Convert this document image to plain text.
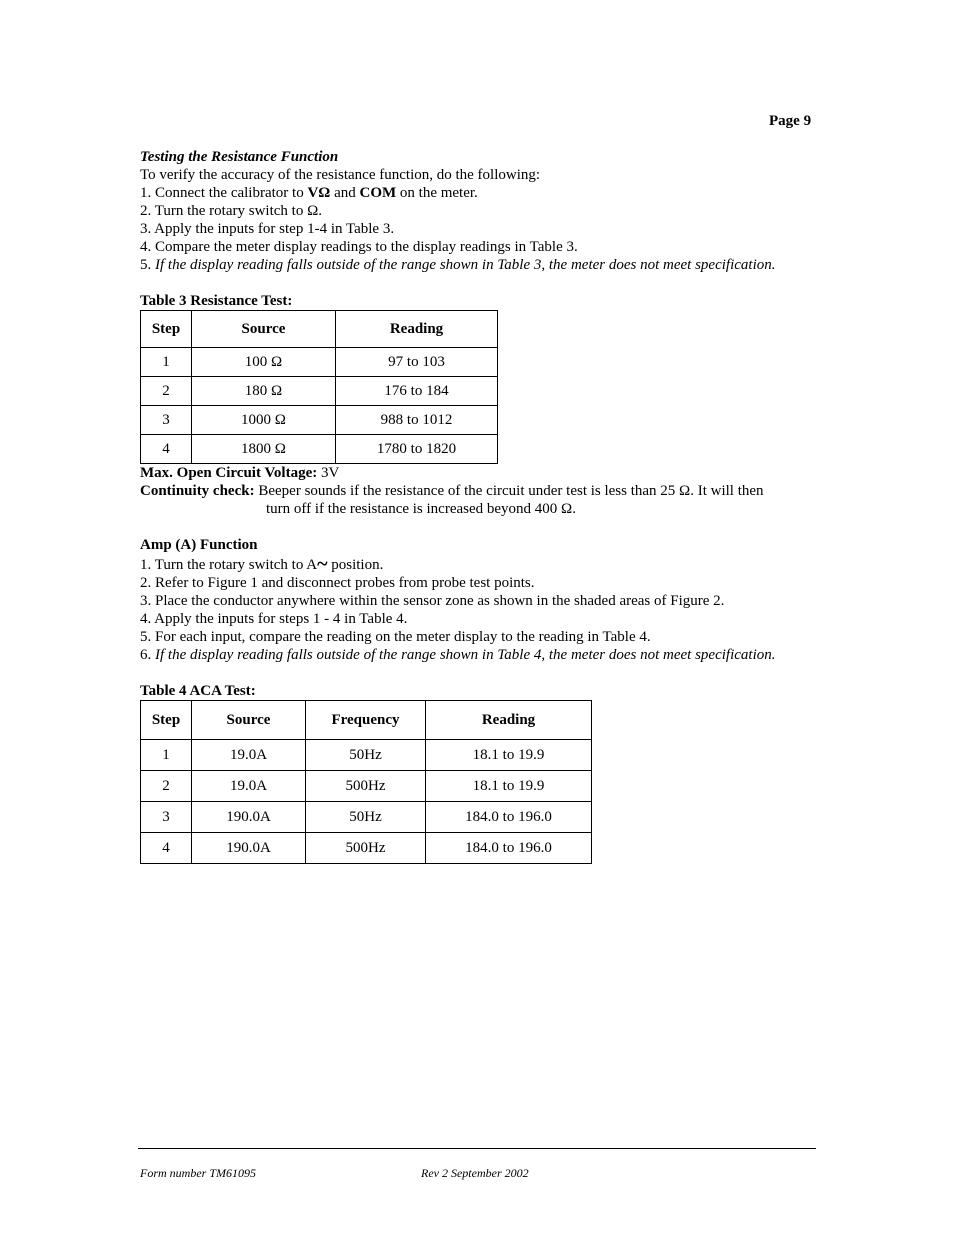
Page 9
Testing the Resistance Function
To verify the accuracy of the resistance function, do the following:
1. Connect the calibrator to VΩ and COM on the meter.
2. Turn the rotary switch to Ω.
3. Apply the inputs for step 1-4 in Table 3.
4. Compare the meter display readings to the display readings in Table 3.
5. If the display reading falls outside of the range shown in Table 3, the meter does not meet specification.
Table 3 Resistance Test:
Step	Source	Reading
1	100 Ω	97 to 103
2	180 Ω	176 to 184
3	1000 Ω	988 to 1012
4	1800 Ω	1780 to 1820
Max. Open Circuit Voltage: 3V
Continuity check: Beeper sounds if the resistance of the circuit under test is less than 25 Ω. It will then
turn off if the resistance is increased beyond 400 Ω.
Amp (A) Function
1. Turn the rotary switch to A~ position.
2. Refer to Figure 1 and disconnect probes from probe test points.
3. Place the conductor anywhere within the sensor zone as shown in the shaded areas of Figure 2.
4. Apply the inputs for steps 1 - 4 in Table 4.
5. For each input, compare the reading on the meter display to the reading in Table 4.
6. If the display reading falls outside of the range shown in Table 4, the meter does not meet specification.
Table 4 ACA Test:
Step	Source	Frequency	Reading
1	19.0A	50Hz	18.1 to 19.9
2	19.0A	500Hz	18.1 to 19.9
3	190.0A	50Hz	184.0 to 196.0
4	190.0A	500Hz	184.0 to 196.0
Form number TM61095	Rev 2 September 2002
